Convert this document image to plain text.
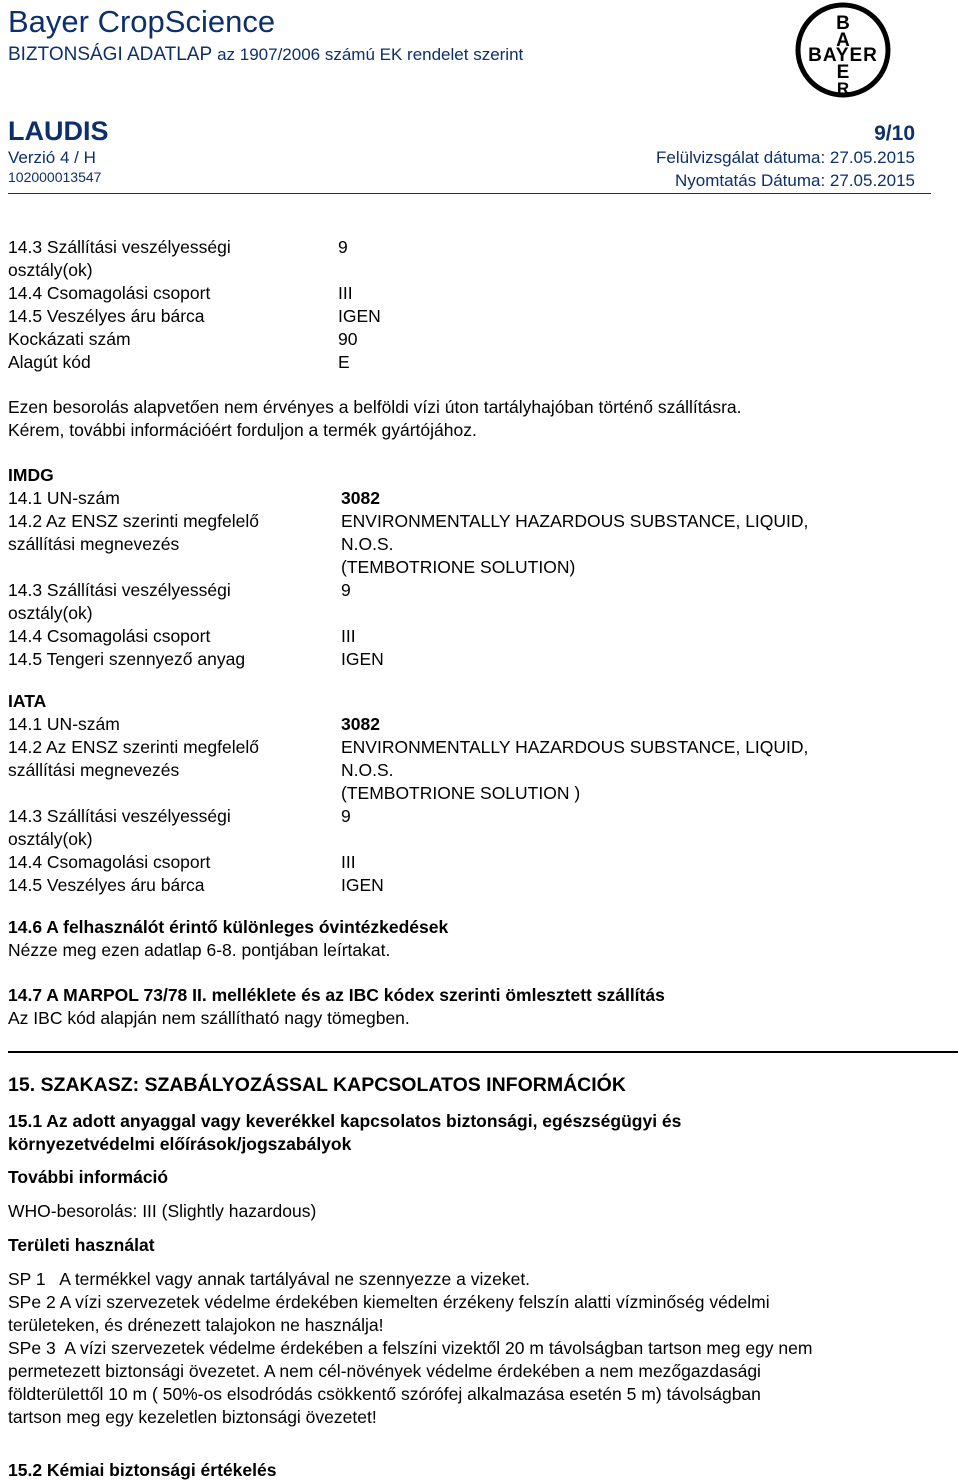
Bayer CropScience
BIZTONSÁGI ADATLAP az 1907/2006 számú EK rendelet szerint
B
A
BAYER
E
R
LAUDIS	9/10
Verzió 4 / H	Felülvizsgálat dátuma: 27.05.2015
102000013547	Nyomtatás Dátuma: 27.05.2015
14.3 Szállítási veszélyességi	9
osztály(ok)
14.4 Csomagolási csoport	III
14.5 Veszélyes áru bárca	IGEN
Kockázati szám	90
Alagút kód	E
Ezen besorolás alapvetően nem érvényes a belföldi vízi úton tartályhajóban történő szállításra.
Kérem, további információért forduljon a termék gyártójához.
IMDG
14.1 UN-szám	3082
14.2 Az ENSZ szerinti megfelelő	ENVIRONMENTALLY HAZARDOUS SUBSTANCE, LIQUID,
szállítási megnevezés	N.O.S.
(TEMBOTRIONE SOLUTION)
14.3 Szállítási veszélyességi	9
osztály(ok)
14.4 Csomagolási csoport	III
14.5 Tengeri szennyező anyag	IGEN
IATA
14.1 UN-szám	3082
14.2 Az ENSZ szerinti megfelelő	ENVIRONMENTALLY HAZARDOUS SUBSTANCE, LIQUID,
szállítási megnevezés	N.O.S.
(TEMBOTRIONE SOLUTION )
14.3 Szállítási veszélyességi	9
osztály(ok)
14.4 Csomagolási csoport	III
14.5 Veszélyes áru bárca	IGEN
14.6 A felhasználót érintő különleges óvintézkedések
Nézze meg ezen adatlap 6-8. pontjában leírtakat.
14.7 A MARPOL 73/78 II. melléklete és az IBC kódex szerinti ömlesztett szállítás
Az IBC kód alapján nem szállítható nagy tömegben.
15. SZAKASZ: SZABÁLYOZÁSSAL KAPCSOLATOS INFORMÁCIÓK
15.1 Az adott anyaggal vagy keverékkel kapcsolatos biztonsági, egészségügyi és
környezetvédelmi előírások/jogszabályok
További információ
WHO-besorolás: III (Slightly hazardous)
Területi használat
SP 1   A termékkel vagy annak tartályával ne szennyezze a vizeket.
SPe 2 A vízi szervezetek védelme érdekében kiemelten érzékeny felszín alatti vízminőség védelmi
területeken, és drénezett talajokon ne használja!
SPe 3  A vízi szervezetek védelme érdekében a felszíni vizektől 20 m távolságban tartson meg egy nem
permetezett biztonsági övezetet. A nem cél-növények védelme érdekében a nem mezőgazdasági
földterülettől 10 m ( 50%-os elsodródás csökkentő szórófej alkalmazása esetén 5 m) távolságban
tartson meg egy kezeletlen biztonsági övezetet!
15.2 Kémiai biztonsági értékelés
